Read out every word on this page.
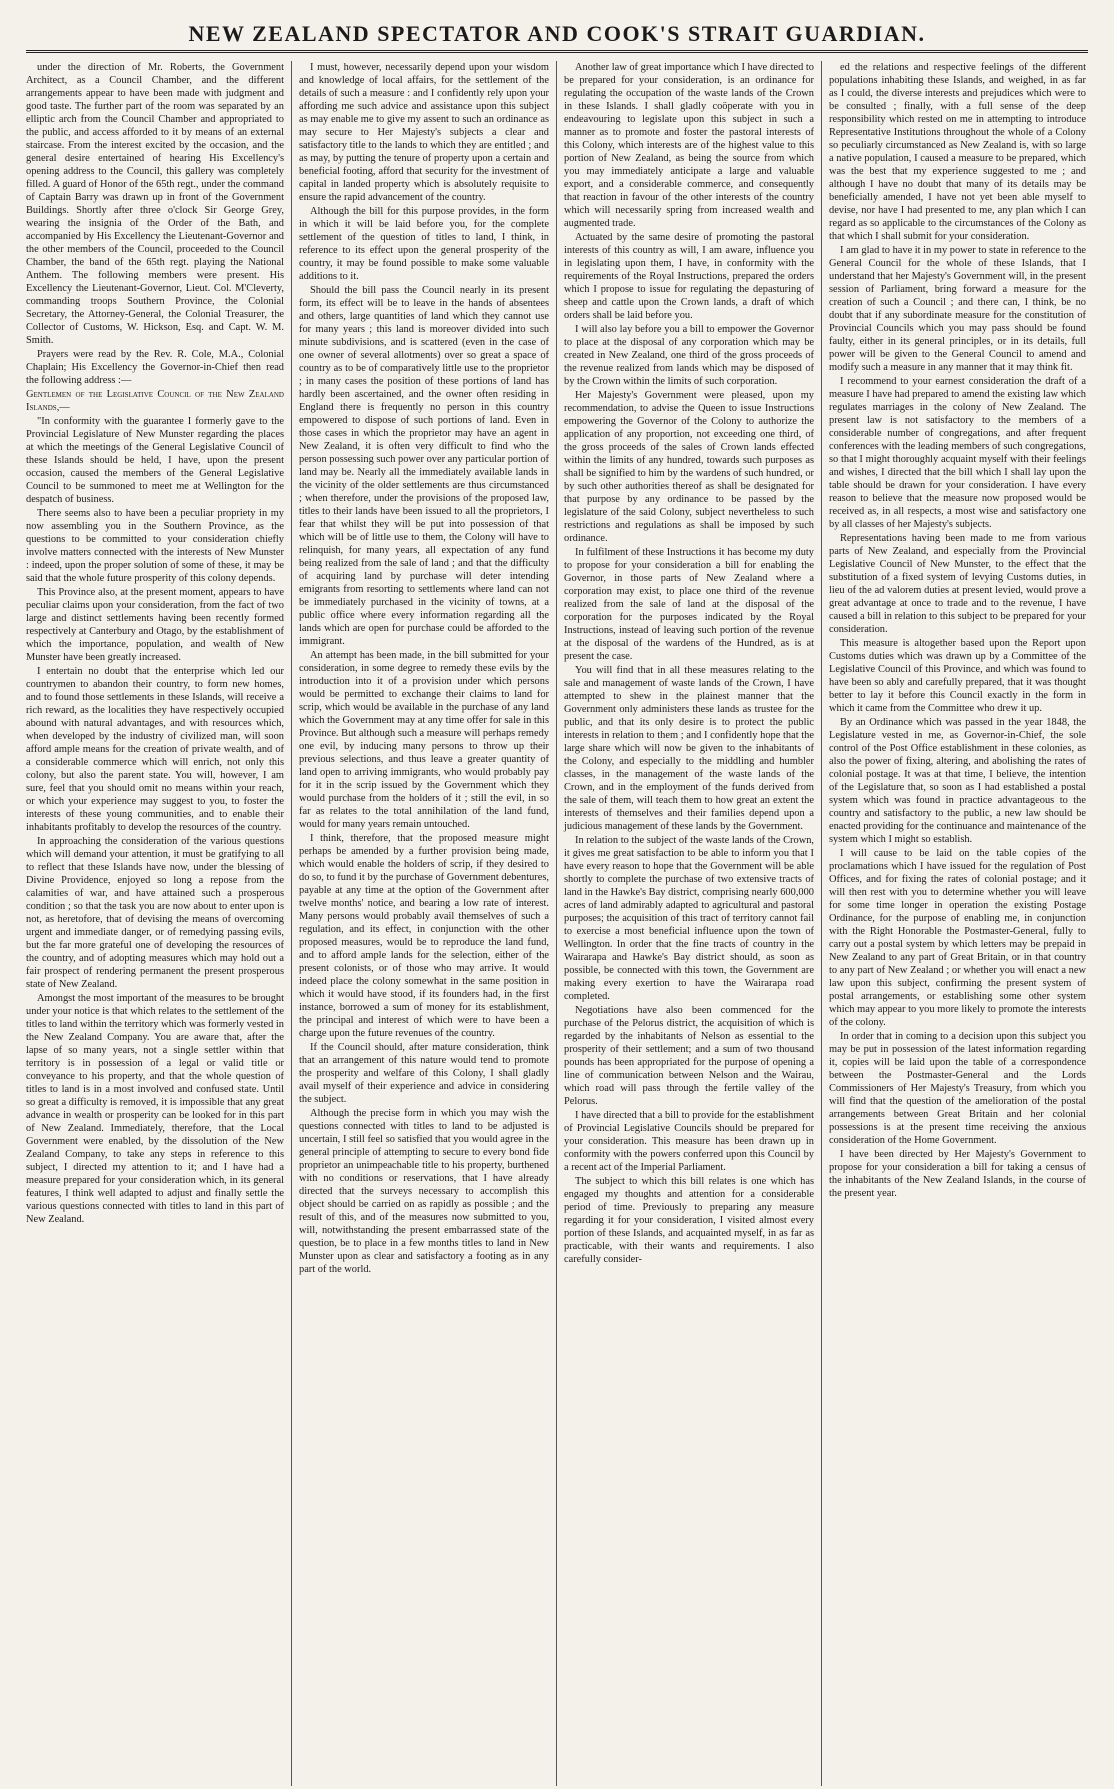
NEW ZEALAND SPECTATOR AND COOK'S STRAIT GUARDIAN.

under the direction of Mr. Roberts, the Government Architect, as a Council Chamber, and the different arrangements appear to have been made with judgment and good taste. The further part of the room was separated by an elliptic arch from the Council Chamber and appropriated to the public, and access afforded to it by means of an external staircase. From the interest excited by the occasion, and the general desire entertained of hearing His Excellency's opening address to the Council, this gallery was completely filled. A guard of Honor of the 65th regt., under the command of Captain Barry was drawn up in front of the Government Buildings. Shortly after three o'clock Sir George Grey, wearing the insignia of the Order of the Bath, and accompanied by His Excellency the Lieutenant-Governor and the other members of the Council, proceeded to the Council Chamber, the band of the 65th regt. playing the National Anthem. The following members were present. His Excellency the Lieutenant-Governor, Lieut. Col. M'Cleverty, commanding troops Southern Province, the Colonial Secretary, the Attorney-General, the Colonial Treasurer, the Collector of Customs, W. Hickson, Esq. and Capt. W. M. Smith.

Prayers were read by the Rev. R. Cole, M.A., Colonial Chaplain; His Excellency the Governor-in-Chief then read the following address :—

Gentlemen of the Legislative Council of the New Zealand Islands,—

"In conformity with the guarantee I formerly gave to the Provincial Legislature of New Munster regarding the places at which the meetings of the General Legislative Council of these Islands should be held, I have, upon the present occasion, caused the members of the General Legislative Council to be summoned to meet me at Wellington for the despatch of business.

There seems also to have been a peculiar propriety in my now assembling you in the Southern Province, as the questions to be committed to your consideration chiefly involve matters connected with the interests of New Munster : indeed, upon the proper solution of some of these, it may be said that the whole future prosperity of this colony depends.

This Province also, at the present moment, appears to have peculiar claims upon your consideration, from the fact of two large and distinct settlements having been recently formed respectively at Canterbury and Otago, by the establishment of which the importance, population, and wealth of New Munster have been greatly increased.

I entertain no doubt that the enterprise which led our countrymen to abandon their country, to form new homes, and to found those settlements in these Islands, will receive a rich reward, as the localities they have respectively occupied abound with natural advantages, and with resources which, when developed by the industry of civilized man, will soon afford ample means for the creation of private wealth, and of a considerable commerce which will enrich, not only this colony, but also the parent state. You will, however, I am sure, feel that you should omit no means within your reach, or which your experience may suggest to you, to foster the interests of these young communities, and to enable their inhabitants profitably to develop the resources of the country.

In approaching the consideration of the various questions which will demand your attention, it must be gratifying to all to reflect that these Islands have now, under the blessing of Divine Providence, enjoyed so long a repose from the calamities of war, and have attained such a prosperous condition ; so that the task you are now about to enter upon is not, as heretofore, that of devising the means of overcoming urgent and immediate danger, or of remedying passing evils, but the far more grateful one of developing the resources of the country, and of adopting measures which may hold out a fair prospect of rendering permanent the present prosperous state of New Zealand.

Amongst the most important of the measures to be brought under your notice is that which relates to the settlement of the titles to land within the territory which was formerly vested in the New Zealand Company. You are aware that, after the lapse of so many years, not a single settler within that territory is in possession of a legal or valid title or conveyance to his property, and that the whole question of titles to land is in a most involved and confused state. Until so great a difficulty is removed, it is impossible that any great advance in wealth or prosperity can be looked for in this part of New Zealand. Immediately, therefore, that the Local Government were enabled, by the dissolution of the New Zealand Company, to take any steps in reference to this subject, I directed my attention to it; and I have had a measure prepared for your consideration which, in its general features, I think well adapted to adjust and finally settle the various questions connected with titles to land in this part of New Zealand.

I must, however, necessarily depend upon your wisdom and knowledge of local affairs, for the settlement of the details of such a measure : and I confidently rely upon your affording me such advice and assistance upon this subject as may enable me to give my assent to such an ordinance as may secure to Her Majesty's subjects a clear and satisfactory title to the lands to which they are entitled ; and as may, by putting the tenure of property upon a certain and beneficial footing, afford that security for the investment of capital in landed property which is absolutely requisite to ensure the rapid advancement of the country.

Although the bill for this purpose provides, in the form in which it will be laid before you, for the complete settlement of the question of titles to land, I think, in reference to its effect upon the general prosperity of the country, it may be found possible to make some valuable additions to it.

Should the bill pass the Council nearly in its present form, its effect will be to leave in the hands of absentees and others, large quantities of land which they cannot use for many years ; this land is moreover divided into such minute subdivisions, and is scattered (even in the case of one owner of several allotments) over so great a space of country as to be of comparatively little use to the proprietor ; in many cases the position of these portions of land has hardly been ascertained, and the owner often residing in England there is frequently no person in this country empowered to dispose of such portions of land. Even in those cases in which the proprietor may have an agent in New Zealand, it is often very difficult to find who the person possessing such power over any particular portion of land may be. Nearly all the immediately available lands in the vicinity of the older settlements are thus circumstanced ; when therefore, under the provisions of the proposed law, titles to their lands have been issued to all the proprietors, I fear that whilst they will be put into possession of that which will be of little use to them, the Colony will have to relinquish, for many years, all expectation of any fund being realized from the sale of land ; and that the difficulty of acquiring land by purchase will deter intending emigrants from resorting to settlements where land can not be immediately purchased in the vicinity of towns, at a public office where every information regarding all the lands which are open for purchase could be afforded to the immigrant.

An attempt has been made, in the bill submitted for your consideration, in some degree to remedy these evils by the introduction into it of a provision under which persons would be permitted to exchange their claims to land for scrip, which would be available in the purchase of any land which the Government may at any time offer for sale in this Province. But although such a measure will perhaps remedy one evil, by inducing many persons to throw up their previous selections, and thus leave a greater quantity of land open to arriving immigrants, who would probably pay for it in the scrip issued by the Government which they would purchase from the holders of it ; still the evil, in so far as relates to the total annihilation of the land fund, would for many years remain untouched.

I think, therefore, that the proposed measure might perhaps be amended by a further provision being made, which would enable the holders of scrip, if they desired to do so, to fund it by the purchase of Government debentures, payable at any time at the option of the Government after twelve months' notice, and bearing a low rate of interest. Many persons would probably avail themselves of such a regulation, and its effect, in conjunction with the other proposed measures, would be to reproduce the land fund, and to afford ample lands for the selection, either of the present colonists, or of those who may arrive. It would indeed place the colony somewhat in the same position in which it would have stood, if its founders had, in the first instance, borrowed a sum of money for its establishment, the principal and interest of which were to have been a charge upon the future revenues of the country.

If the Council should, after mature consideration, think that an arrangement of this nature would tend to promote the prosperity and welfare of this Colony, I shall gladly avail myself of their experience and advice in considering the subject.

Although the precise form in which you may wish the questions connected with titles to land to be adjusted is uncertain, I still feel so satisfied that you would agree in the general principle of attempting to secure to every bond fide proprietor an unimpeachable title to his property, burthened with no conditions or reservations, that I have already directed that the surveys necessary to accomplish this object should be carried on as rapidly as possible ; and the result of this, and of the measures now submitted to you, will, notwithstanding the present embarrassed state of the question, be to place in a few months titles to land in New Munster upon as clear and satisfactory a footing as in any part of the world.

Another law of great importance which I have directed to be prepared for your consideration, is an ordinance for regulating the occupation of the waste lands of the Crown in these Islands. I shall gladly coöperate with you in endeavouring to legislate upon this subject in such a manner as to promote and foster the pastoral interests of this Colony, which interests are of the highest value to this portion of New Zealand, as being the source from which you may immediately anticipate a large and valuable export, and a considerable commerce, and consequently that reaction in favour of the other interests of the country which will necessarily spring from increased wealth and augmented trade.

Actuated by the same desire of promoting the pastoral interests of this country as will, I am aware, influence you in legislating upon them, I have, in conformity with the requirements of the Royal Instructions, prepared the orders which I propose to issue for regulating the depasturing of sheep and cattle upon the Crown lands, a draft of which orders shall be laid before you.

I will also lay before you a bill to empower the Governor to place at the disposal of any corporation which may be created in New Zealand, one third of the gross proceeds of the revenue realized from lands which may be disposed of by the Crown within the limits of such corporation.

Her Majesty's Government were pleased, upon my recommendation, to advise the Queen to issue Instructions empowering the Governor of the Colony to authorize the application of any proportion, not exceeding one third, of the gross proceeds of the sales of Crown lands effected within the limits of any hundred, towards such purposes as shall be signified to him by the wardens of such hundred, or by such other authorities thereof as shall be designated for that purpose by any ordinance to be passed by the legislature of the said Colony, subject nevertheless to such restrictions and regulations as shall be imposed by such ordinance.

In fulfilment of these Instructions it has become my duty to propose for your consideration a bill for enabling the Governor, in those parts of New Zealand where a corporation may exist, to place one third of the revenue realized from the sale of land at the disposal of the corporation for the purposes indicated by the Royal Instructions, instead of leaving such portion of the revenue at the disposal of the wardens of the Hundred, as is at present the case.

You will find that in all these measures relating to the sale and management of waste lands of the Crown, I have attempted to shew in the plainest manner that the Government only administers these lands as trustee for the public, and that its only desire is to protect the public interests in relation to them ; and I confidently hope that the large share which will now be given to the inhabitants of the Colony, and especially to the middling and humbler classes, in the management of the waste lands of the Crown, and in the employment of the funds derived from the sale of them, will teach them to how great an extent the interests of themselves and their families depend upon a judicious management of these lands by the Government.

In relation to the subject of the waste lands of the Crown, it gives me great satisfaction to be able to inform you that I have every reason to hope that the Government will be able shortly to complete the purchase of two extensive tracts of land in the Hawke's Bay district, comprising nearly 600,000 acres of land admirably adapted to agricultural and pastoral purposes; the acquisition of this tract of territory cannot fail to exercise a most beneficial influence upon the town of Wellington. In order that the fine tracts of country in the Wairarapa and Hawke's Bay district should, as soon as possible, be connected with this town, the Government are making every exertion to have the Wairarapa road completed.

Negotiations have also been commenced for the purchase of the Pelorus district, the acquisition of which is regarded by the inhabitants of Nelson as essential to the prosperity of their settlement; and a sum of two thousand pounds has been appropriated for the purpose of opening a line of communication between Nelson and the Wairau, which road will pass through the fertile valley of the Pelorus.

I have directed that a bill to provide for the establishment of Provincial Legislative Councils should be prepared for your consideration. This measure has been drawn up in conformity with the powers conferred upon this Council by a recent act of the Imperial Parliament.

The subject to which this bill relates is one which has engaged my thoughts and attention for a considerable period of time. Previously to preparing any measure regarding it for your consideration, I visited almost every portion of these Islands, and acquainted myself, in as far as practicable, with their wants and requirements. I also carefully consider-

ed the relations and respective feelings of the different populations inhabiting these Islands, and weighed, in as far as I could, the diverse interests and prejudices which were to be consulted ; finally, with a full sense of the deep responsibility which rested on me in attempting to introduce Representative Institutions throughout the whole of a Colony so peculiarly circumstanced as New Zealand is, with so large a native population, I caused a measure to be prepared, which was the best that my experience suggested to me ; and although I have no doubt that many of its details may be beneficially amended, I have not yet been able myself to devise, nor have I had presented to me, any plan which I can regard as so applicable to the circumstances of the Colony as that which I shall submit for your consideration.

I am glad to have it in my power to state in reference to the General Council for the whole of these Islands, that I understand that her Majesty's Government will, in the present session of Parliament, bring forward a measure for the creation of such a Council ; and there can, I think, be no doubt that if any subordinate measure for the constitution of Provincial Councils which you may pass should be found faulty, either in its general principles, or in its details, full power will be given to the General Council to amend and modify such a measure in any manner that it may think fit.

I recommend to your earnest consideration the draft of a measure I have had prepared to amend the existing law which regulates marriages in the colony of New Zealand. The present law is not satisfactory to the members of a considerable number of congregations, and after frequent conferences with the leading members of such congregations, so that I might thoroughly acquaint myself with their feelings and wishes, I directed that the bill which I shall lay upon the table should be drawn for your consideration. I have every reason to believe that the measure now proposed would be received as, in all respects, a most wise and satisfactory one by all classes of her Majesty's subjects.

Representations having been made to me from various parts of New Zealand, and especially from the Provincial Legislative Council of New Munster, to the effect that the substitution of a fixed system of levying Customs duties, in lieu of the ad valorem duties at present levied, would prove a great advantage at once to trade and to the revenue, I have caused a bill in relation to this subject to be prepared for your consideration.

This measure is altogether based upon the Report upon Customs duties which was drawn up by a Committee of the Legislative Council of this Province, and which was found to have been so ably and carefully prepared, that it was thought better to lay it before this Council exactly in the form in which it came from the Committee who drew it up.

By an Ordinance which was passed in the year 1848, the Legislature vested in me, as Governor-in-Chief, the sole control of the Post Office establishment in these colonies, as also the power of fixing, altering, and abolishing the rates of colonial postage. It was at that time, I believe, the intention of the Legislature that, so soon as I had established a postal system which was found in practice advantageous to the country and satisfactory to the public, a new law should be enacted providing for the continuance and maintenance of the system which I might so establish.

I will cause to be laid on the table copies of the proclamations which I have issued for the regulation of Post Offices, and for fixing the rates of colonial postage; and it will then rest with you to determine whether you will leave for some time longer in operation the existing Postage Ordinance, for the purpose of enabling me, in conjunction with the Right Honorable the Postmaster-General, fully to carry out a postal system by which letters may be prepaid in New Zealand to any part of Great Britain, or in that country to any part of New Zealand ; or whether you will enact a new law upon this subject, confirming the present system of postal arrangements, or establishing some other system which may appear to you more likely to promote the interests of the colony.

In order that in coming to a decision upon this subject you may be put in possession of the latest information regarding it, copies will be laid upon the table of a correspondence between the Postmaster-General and the Lords Commissioners of Her Majesty's Treasury, from which you will find that the question of the amelioration of the postal arrangements between Great Britain and her colonial possessions is at the present time receiving the anxious consideration of the Home Government.

I have been directed by Her Majesty's Government to propose for your consideration a bill for taking a census of the inhabitants of the New Zealand Islands, in the course of the present year.
